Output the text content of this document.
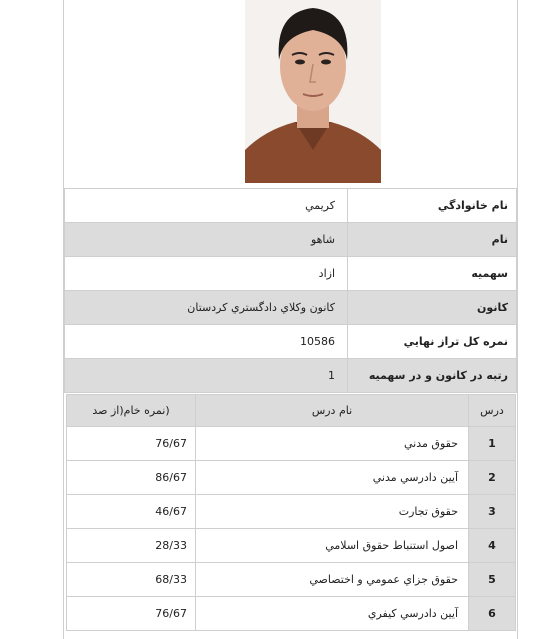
كريمي	نام خانوادگي
شاهو	نام
ازاد	سهميه
كانون وكلاي دادگستري كردستان	كانون
10586	نمره كل تراز نهايي
1	رتبه در كانون و در سهميه
(نمره خام(از صد	نام درس	درس
76/67	حقوق مدني	1
86/67	آيين دادرسي مدني	2
46/67	حقوق تجارت	3
28/33	اصول استنباط حقوق اسلامي	4
68/33	حقوق جزاي عمومي و اختصاصي	5
76/67	آيين دادرسي كيفري	6
